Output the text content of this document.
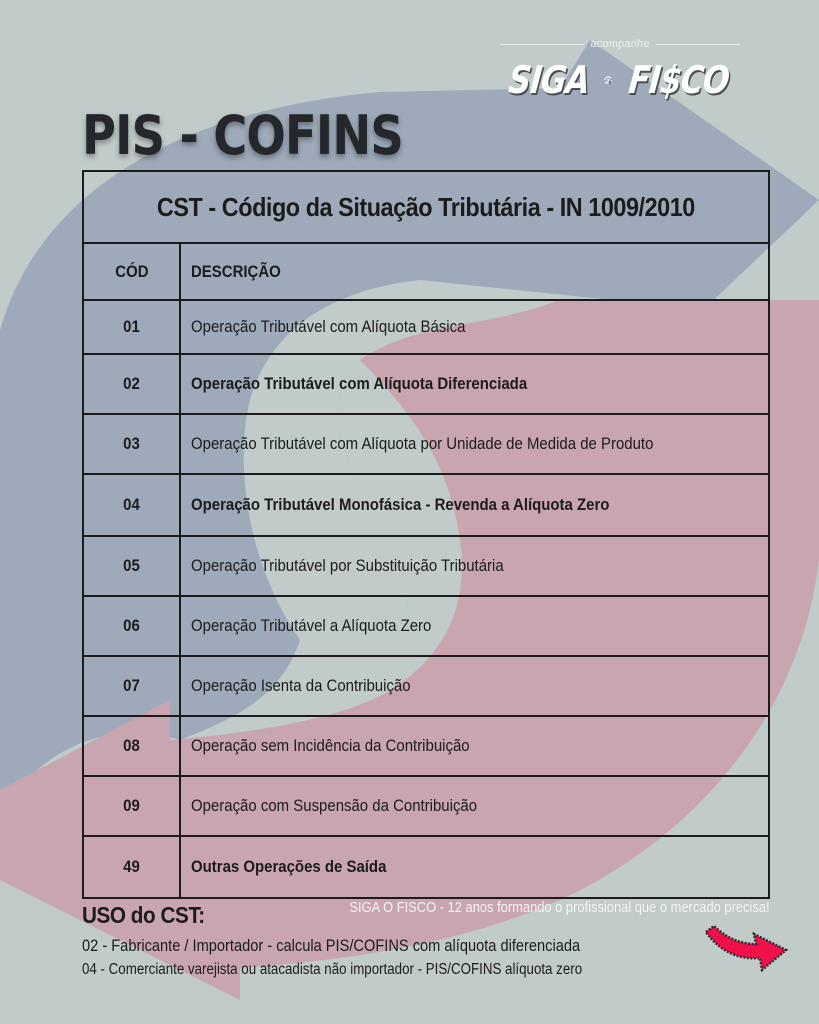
acompanhe
SIGA $ FI$CO
PIS - COFINS
CST - Código da Situação Tributária - IN 1009/2010
CÓD	DESCRIÇÃO
01	Operação Tributável com Alíquota Básica
02	Operação Tributável com Alíquota Diferenciada
03	Operação Tributável com Alíquota por Unidade de Medida de Produto
04	Operação Tributável Monofásica - Revenda a Alíquota Zero
05	Operação Tributável por Substituição Tributária
06	Operação Tributável a Alíquota Zero
07	Operação Isenta da Contribuição
08	Operação sem Incidência da Contribuição
09	Operação com Suspensão da Contribuição
49	Outras Operações de Saída
USO do CST:	SIGA O FISCO - 12 anos formando o profissional que o mercado precisa!
02 - Fabricante / Importador - calcula PIS/COFINS com alíquota diferenciada
04 - Comerciante varejista ou atacadista não importador - PIS/COFINS alíquota zero
